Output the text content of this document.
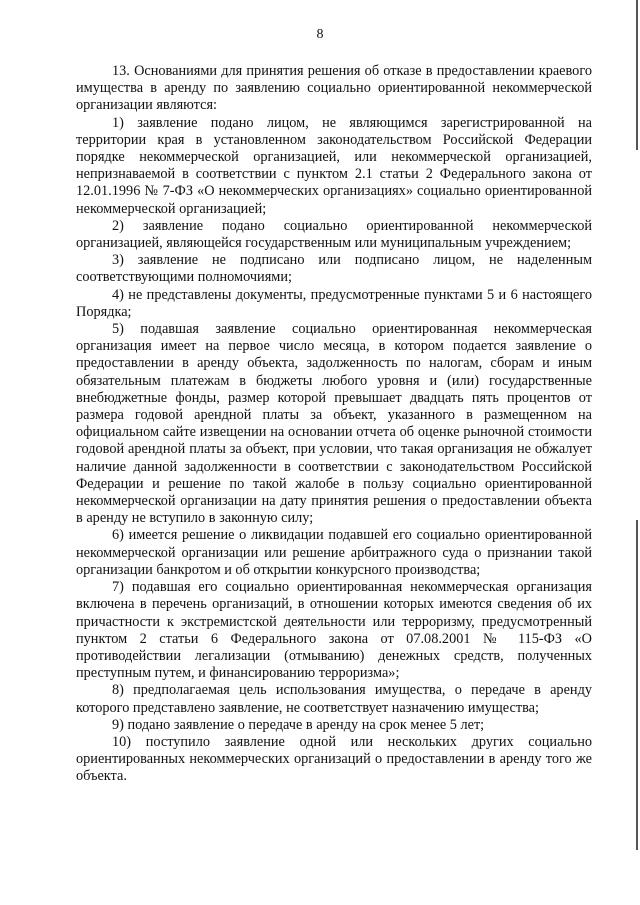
8

13. Основаниями для принятия решения об отказе в предоставлении краевого имущества в аренду по заявлению социально ориентированной некоммерческой организации являются:

1) заявление подано лицом, не являющимся зарегистрированной на территории края в установленном законодательством Российской Федерации порядке некоммерческой организацией, или некоммерческой организацией, непризнаваемой в соответствии с пунктом 2.1 статьи 2 Федерального закона от 12.01.1996 № 7-ФЗ «О некоммерческих организациях» социально ориентированной некоммерческой организацией;

2) заявление подано социально ориентированной некоммерческой организацией, являющейся государственным или муниципальным учреждением;

3) заявление не подписано или подписано лицом, не наделенным соответствующими полномочиями;

4) не представлены документы, предусмотренные пунктами 5 и 6 настоящего Порядка;

5) подавшая заявление социально ориентированная некоммерческая организация имеет на первое число месяца, в котором подается заявление о предоставлении в аренду объекта, задолженность по налогам, сборам и иным обязательным платежам в бюджеты любого уровня и (или) государственные внебюджетные фонды, размер которой превышает двадцать пять процентов от размера годовой арендной платы за объект, указанного в размещенном на официальном сайте извещении на основании отчета об оценке рыночной стоимости годовой арендной платы за объект, при условии, что такая организация не обжалует наличие данной задолженности в соответствии с законодательством Российской Федерации и решение по такой жалобе в пользу социально ориентированной некоммерческой организации на дату принятия решения о предоставлении объекта в аренду не вступило в законную силу;

6) имеется решение о ликвидации подавшей его социально ориентированной некоммерческой организации или решение арбитражного суда о признании такой организации банкротом и об открытии конкурсного производства;

7) подавшая его социально ориентированная некоммерческая организация включена в перечень организаций, в отношении которых имеются сведения об их причастности к экстремистской деятельности или терроризму, предусмотренный пунктом 2 статьи 6 Федерального закона от 07.08.2001 № 115-ФЗ «О противодействии легализации (отмыванию) денежных средств, полученных преступным путем, и финансированию терроризма»;

8) предполагаемая цель использования имущества, о передаче в аренду которого представлено заявление, не соответствует назначению имущества;

9) подано заявление о передаче в аренду на срок менее 5 лет;

10) поступило заявление одной или нескольких других социально ориентированных некоммерческих организаций о предоставлении в аренду того же объекта.
